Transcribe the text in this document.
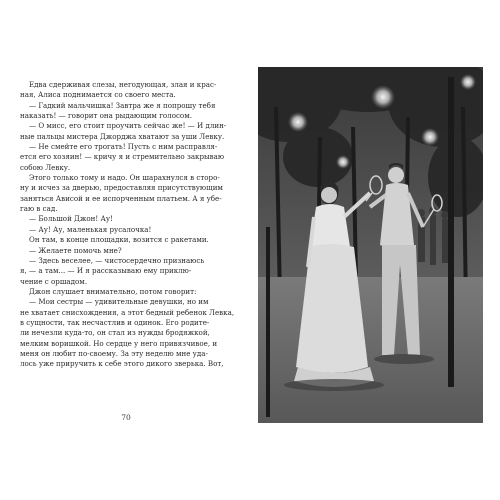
Едва сдерживая слезы, негодующая, злая и крас-

ная, Алиса поднимается со своего места.

— Гадкий мальчишка! Завтра же я попрошу тебя

наказать! — говорит она рыдающим голосом.

— О мисс, его стоит проучить сейчас же! — И длин-

ные пальцы мистера Джорджа хватают за уши Левку.

— Не смейте его трогать! Пусть с ним расправля-

ется его хозяин! — кричу я и стремительно закрываю

собою Левку.

Этого только тому и надо. Он шарахнулся в сторо-

ну и исчез за дверью, предоставляя присутствующим

заняться Ависой и ее испорченным платьем. А я убе-

гаю в сад.

— Большой Джон! Ау!

— Ау! Ау, маленькая русалочка!

Он там, в конце площадки, возится с ракетами.

— Желаете помочь мне?

— Здесь веселее, — чистосердечно признаюсь

я, — а там... — И я рассказываю ему приклю-

чение с оршадом.

Джон слушает внимательно, потом говорит:

— Мои сестры — удивительные девушки, но им

не хватает снисхождения, а этот бедный ребенок Левка,

в сущности, так несчастлив и одинок. Его родите-

ли нечезли куда-то, он стал из нужды бродяжкой,

мелким воришкой. Но сердце у него привязчивое, и

меня он любит по-своему. За эту неделю мне уда-

лось уже приручить к себе этого дикого зверька. Вот,

70
